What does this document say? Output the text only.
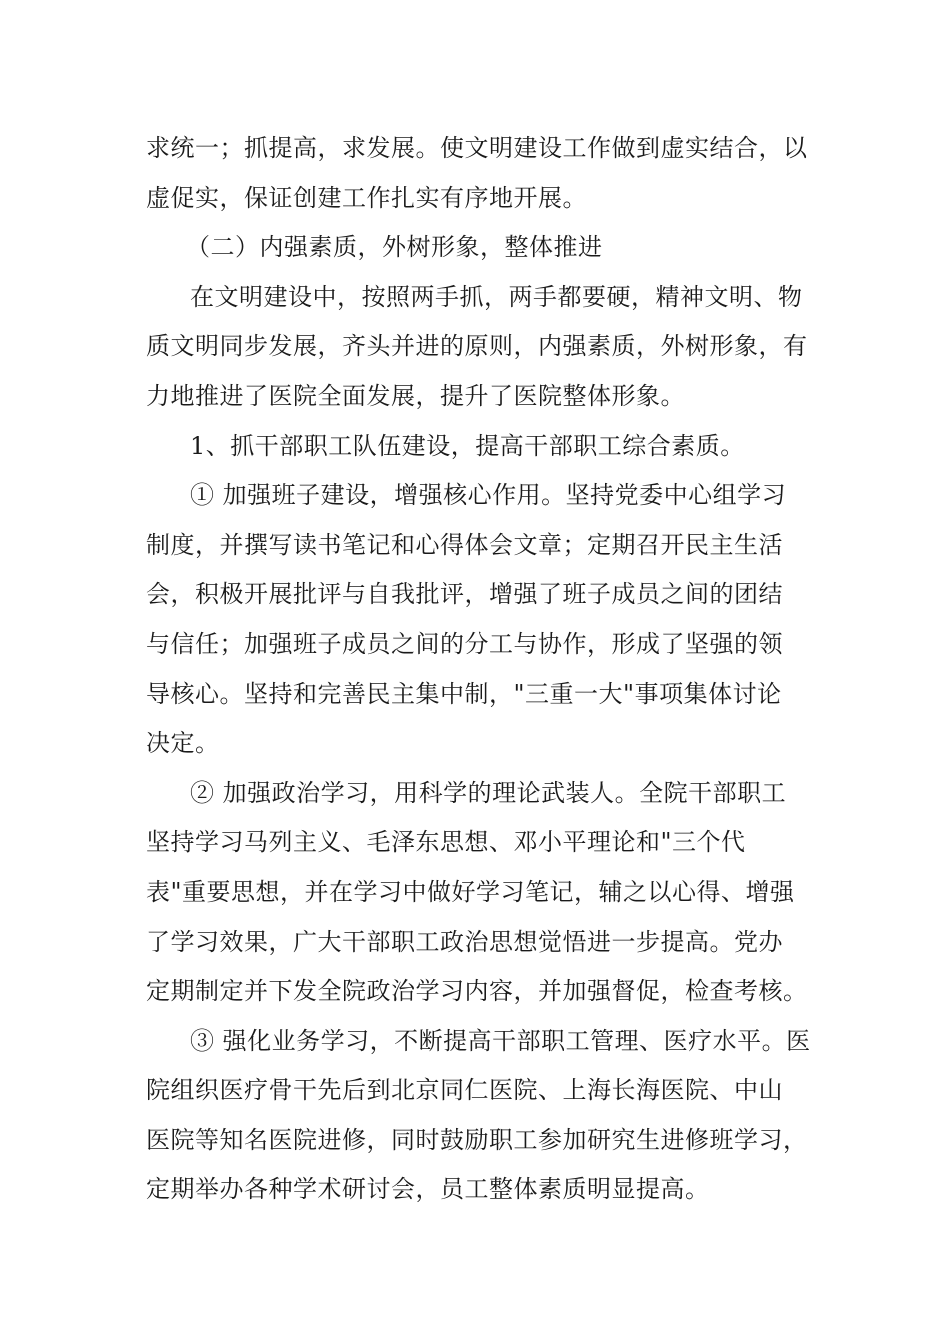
求统一；抓提高，求发展。使文明建设工作做到虚实结合，以
虚促实，保证创建工作扎实有序地开展。
（二）内强素质，外树形象，整体推进
在文明建设中，按照两手抓，两手都要硬，精神文明、物
质文明同步发展，齐头并进的原则，内强素质，外树形象，有
力地推进了医院全面发展，提升了医院整体形象。
1、抓干部职工队伍建设，提高干部职工综合素质。
① 加强班子建设，增强核心作用。坚持党委中心组学习
制度，并撰写读书笔记和心得体会文章；定期召开民主生活
会，积极开展批评与自我批评，增强了班子成员之间的团结
与信任；加强班子成员之间的分工与协作，形成了坚强的领
导核心。坚持和完善民主集中制，"三重一大"事项集体讨论
决定。
② 加强政治学习，用科学的理论武装人。全院干部职工
坚持学习马列主义、毛泽东思想、邓小平理论和"三个代
表"重要思想，并在学习中做好学习笔记，辅之以心得、增强
了学习效果，广大干部职工政治思想觉悟进一步提高。党办
定期制定并下发全院政治学习内容，并加强督促，检查考核。
③ 强化业务学习，不断提高干部职工管理、医疗水平。医
院组织医疗骨干先后到北京同仁医院、上海长海医院、中山
医院等知名医院进修，同时鼓励职工参加研究生进修班学习，
定期举办各种学术研讨会，员工整体素质明显提高。
